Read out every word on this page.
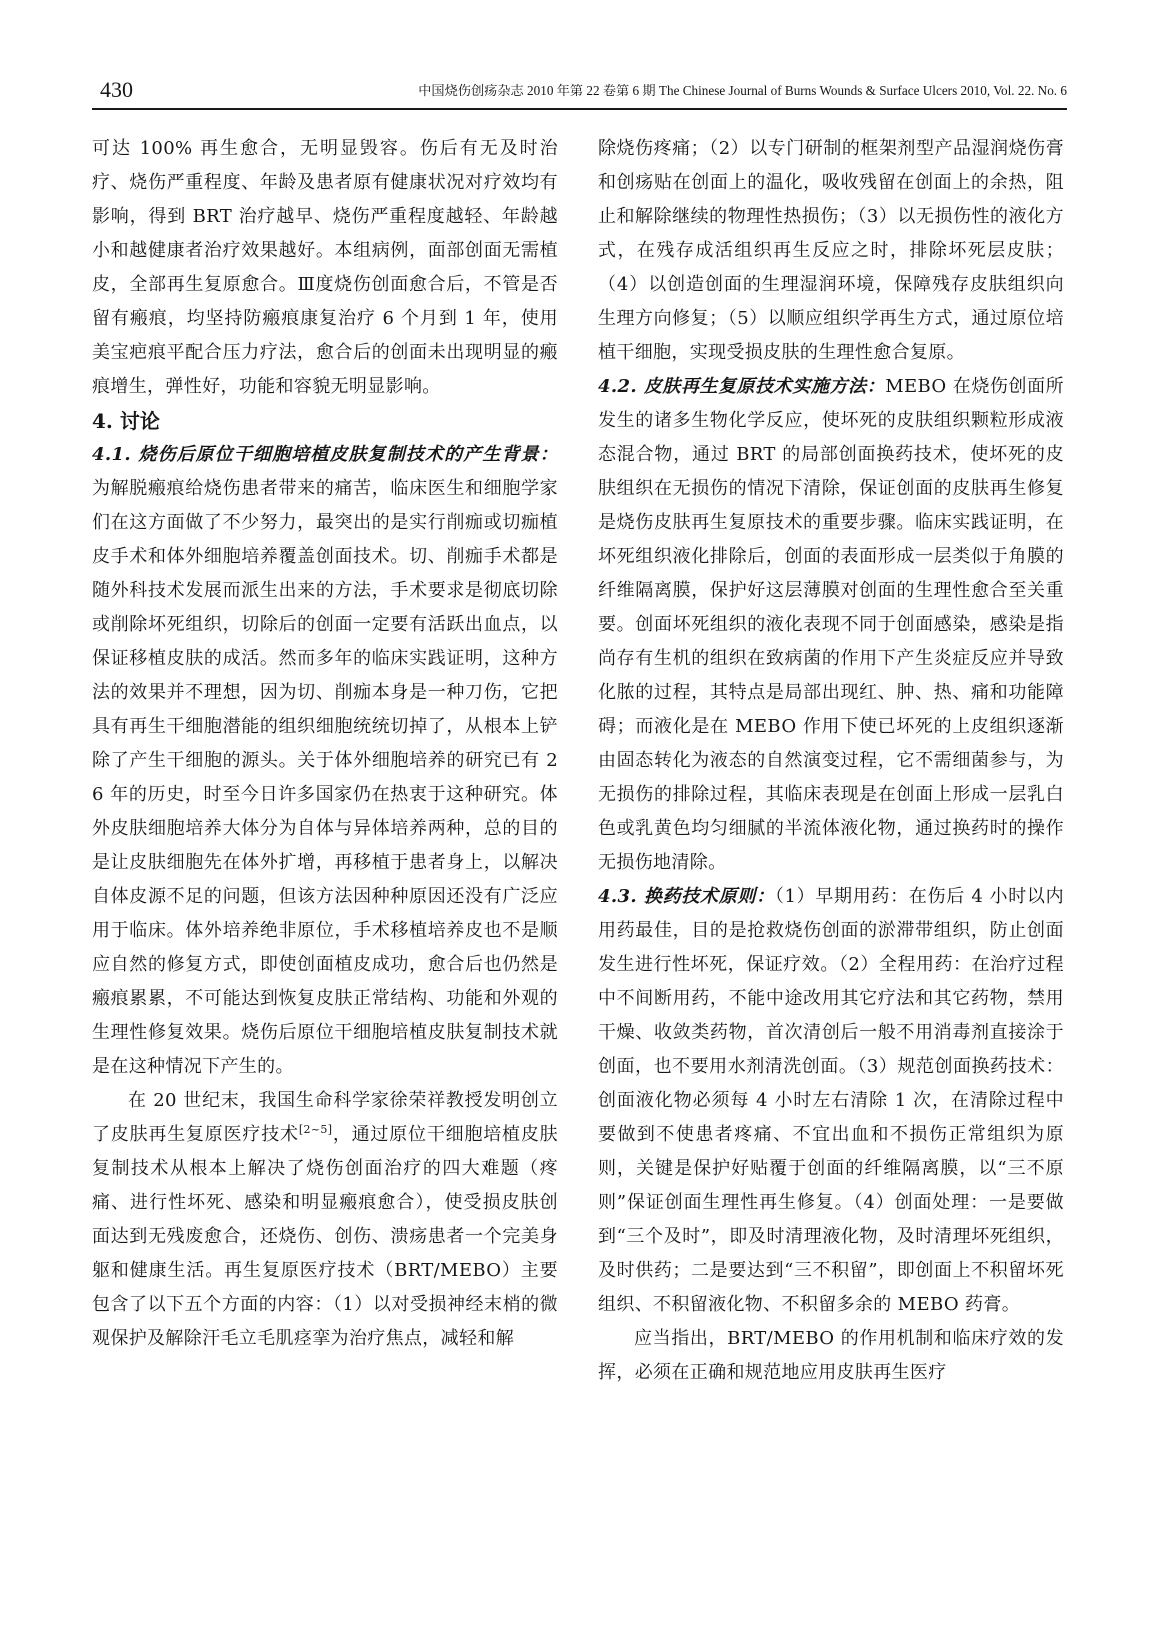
430	中国烧伤创疡杂志 2010 年第 22 卷第 6 期 The Chinese Journal of Burns Wounds & Surface Ulcers 2010, Vol. 22. No. 6

可达 100% 再生愈合，无明显毁容。伤后有无及时治疗、烧伤严重程度、年龄及患者原有健康状况对疗效均有影响，得到 BRT 治疗越早、烧伤严重程度越轻、年龄越小和越健康者治疗效果越好。本组病例，面部创面无需植皮，全部再生复原愈合。Ⅲ度烧伤创面愈合后，不管是否留有瘢痕，均坚持防瘢痕康复治疗 6 个月到 1 年，使用美宝疤痕平配合压力疗法，愈合后的创面未出现明显的瘢痕增生，弹性好，功能和容貌无明显影响。

4. 讨论

4.1. 烧伤后原位干细胞培植皮肤复制技术的产生背景：为解脱瘢痕给烧伤患者带来的痛苦，临床医生和细胞学家们在这方面做了不少努力，最突出的是实行削痂或切痂植皮手术和体外细胞培养覆盖创面技术。切、削痂手术都是随外科技术发展而派生出来的方法，手术要求是彻底切除或削除坏死组织，切除后的创面一定要有活跃出血点，以保证移植皮肤的成活。然而多年的临床实践证明，这种方法的效果并不理想，因为切、削痂本身是一种刀伤，它把具有再生干细胞潜能的组织细胞统统切掉了，从根本上铲除了产生干细胞的源头。关于体外细胞培养的研究已有 26 年的历史，时至今日许多国家仍在热衷于这种研究。体外皮肤细胞培养大体分为自体与异体培养两种，总的目的是让皮肤细胞先在体外扩增，再移植于患者身上，以解决自体皮源不足的问题，但该方法因种种原因还没有广泛应用于临床。体外培养绝非原位，手术移植培养皮也不是顺应自然的修复方式，即使创面植皮成功，愈合后也仍然是瘢痕累累，不可能达到恢复皮肤正常结构、功能和外观的生理性修复效果。烧伤后原位干细胞培植皮肤复制技术就是在这种情况下产生的。

在 20 世纪末，我国生命科学家徐荣祥教授发明创立了皮肤再生复原医疗技术[2~5]，通过原位干细胞培植皮肤复制技术从根本上解决了烧伤创面治疗的四大难题（疼痛、进行性坏死、感染和明显瘢痕愈合），使受损皮肤创面达到无残废愈合，还烧伤、创伤、溃疡患者一个完美身躯和健康生活。再生复原医疗技术（BRT/MEBO）主要包含了以下五个方面的内容：（1）以对受损神经末梢的微观保护及解除汗毛立毛肌痉挛为治疗焦点，减轻和解

除烧伤疼痛；（2）以专门研制的框架剂型产品湿润烧伤膏和创疡贴在创面上的温化，吸收残留在创面上的余热，阻止和解除继续的物理性热损伤；（3）以无损伤性的液化方式，在残存成活组织再生反应之时，排除坏死层皮肤；（4）以创造创面的生理湿润环境，保障残存皮肤组织向生理方向修复；（5）以顺应组织学再生方式，通过原位培植干细胞，实现受损皮肤的生理性愈合复原。

4.2. 皮肤再生复原技术实施方法：MEBO 在烧伤创面所发生的诸多生物化学反应，使坏死的皮肤组织颗粒形成液态混合物，通过 BRT 的局部创面换药技术，使坏死的皮肤组织在无损伤的情况下清除，保证创面的皮肤再生修复是烧伤皮肤再生复原技术的重要步骤。临床实践证明，在坏死组织液化排除后，创面的表面形成一层类似于角膜的纤维隔离膜，保护好这层薄膜对创面的生理性愈合至关重要。创面坏死组织的液化表现不同于创面感染，感染是指尚存有生机的组织在致病菌的作用下产生炎症反应并导致化脓的过程，其特点是局部出现红、肿、热、痛和功能障碍；而液化是在 MEBO 作用下使已坏死的上皮组织逐渐由固态转化为液态的自然演变过程，它不需细菌参与，为无损伤的排除过程，其临床表现是在创面上形成一层乳白色或乳黄色均匀细腻的半流体液化物，通过换药时的操作无损伤地清除。

4.3. 换药技术原则：（1）早期用药：在伤后 4 小时以内用药最佳，目的是抢救烧伤创面的淤滞带组织，防止创面发生进行性坏死，保证疗效。（2）全程用药：在治疗过程中不间断用药，不能中途改用其它疗法和其它药物，禁用干燥、收敛类药物，首次清创后一般不用消毒剂直接涂于创面，也不要用水剂清洗创面。（3）规范创面换药技术：创面液化物必须每 4 小时左右清除 1 次，在清除过程中要做到不使患者疼痛、不宜出血和不损伤正常组织为原则，关键是保护好贴覆于创面的纤维隔离膜，以“三不原则”保证创面生理性再生修复。（4）创面处理：一是要做到“三个及时”，即及时清理液化物，及时清理坏死组织，及时供药；二是要达到“三不积留”，即创面上不积留坏死组织、不积留液化物、不积留多余的 MEBO 药膏。

应当指出，BRT/MEBO 的作用机制和临床疗效的发挥，必须在正确和规范地应用皮肤再生医疗
